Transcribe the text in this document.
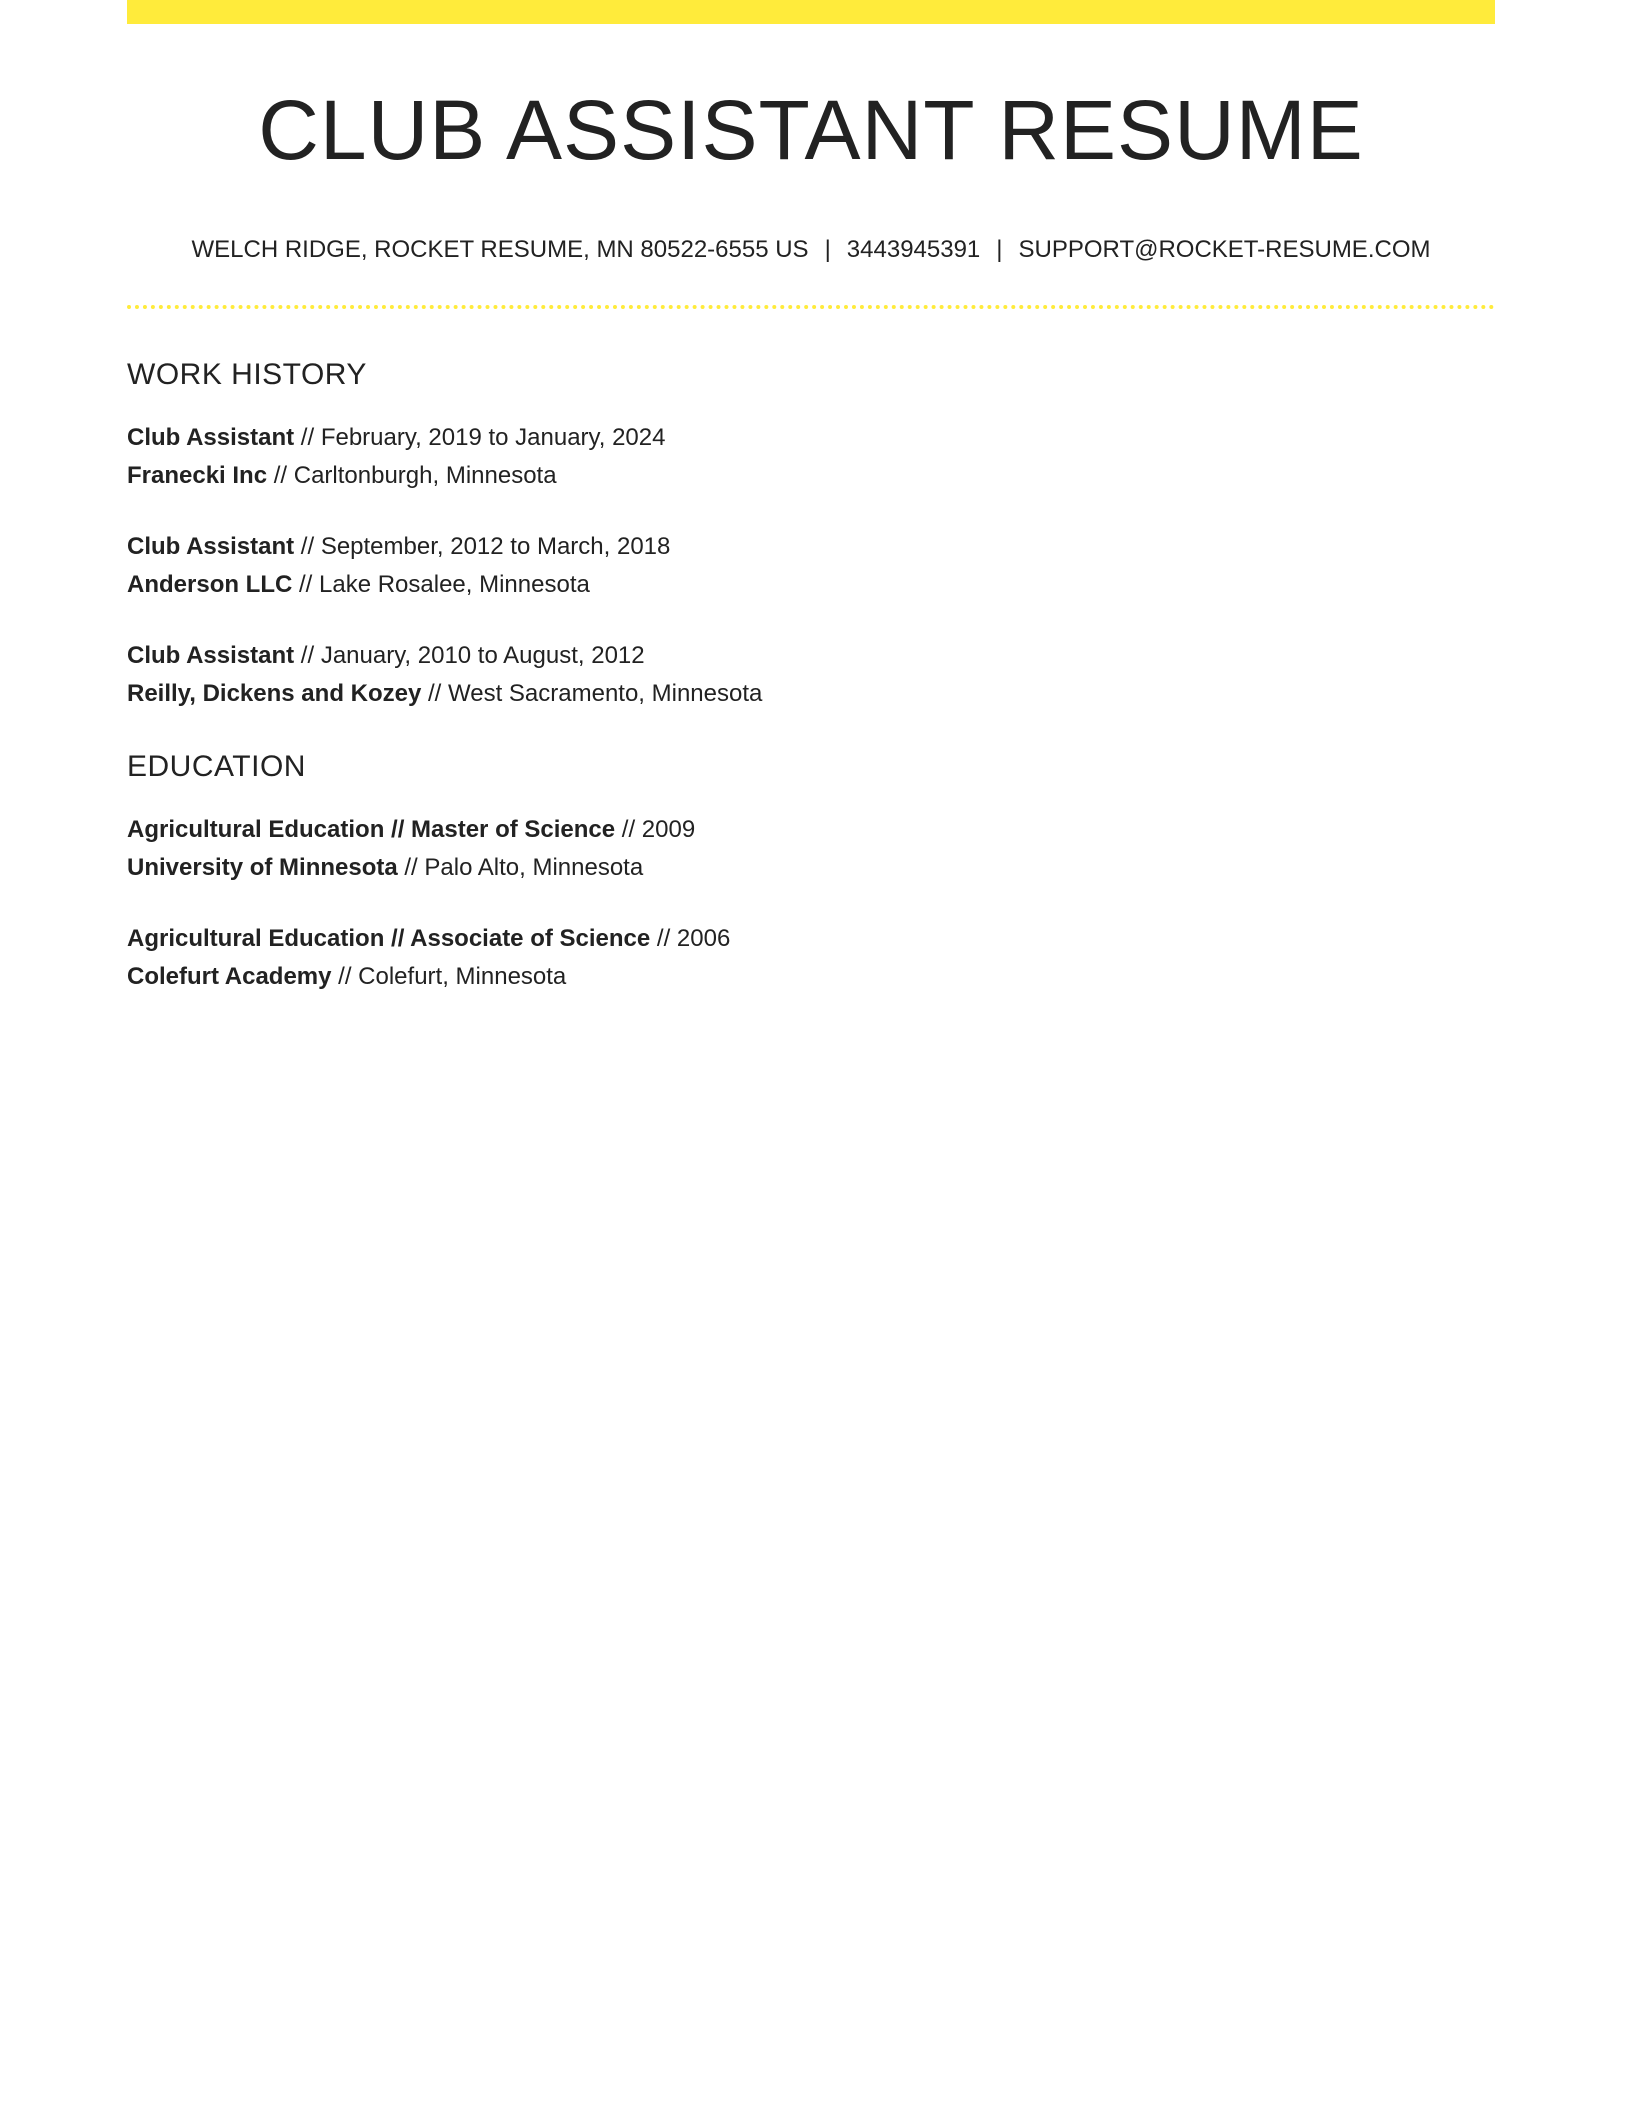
CLUB ASSISTANT RESUME
WELCH RIDGE, ROCKET RESUME, MN 80522-6555 US | 3443945391 | SUPPORT@ROCKET-RESUME.COM
WORK HISTORY
Club Assistant // February, 2019 to January, 2024
Franecki Inc // Carltonburgh, Minnesota
Club Assistant // September, 2012 to March, 2018
Anderson LLC // Lake Rosalee, Minnesota
Club Assistant // January, 2010 to August, 2012
Reilly, Dickens and Kozey // West Sacramento, Minnesota
EDUCATION
Agricultural Education // Master of Science // 2009
University of Minnesota // Palo Alto, Minnesota
Agricultural Education // Associate of Science // 2006
Colefurt Academy // Colefurt, Minnesota
